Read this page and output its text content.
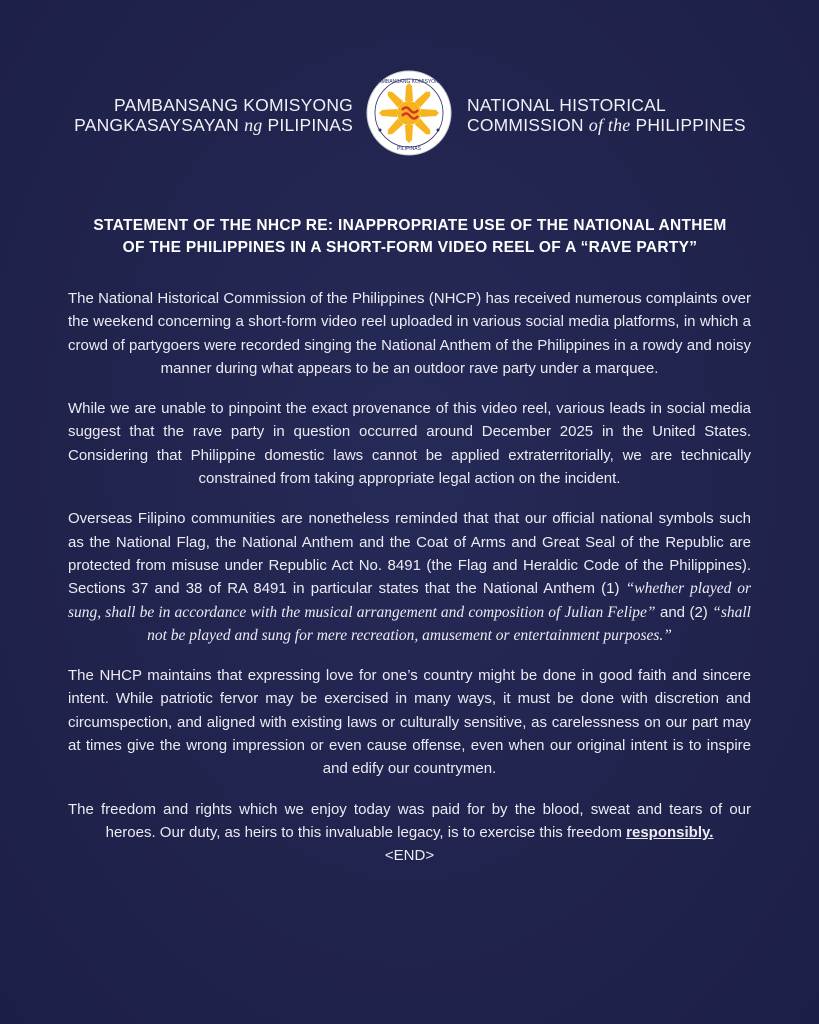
PAMBANSANG KOMISYONG
PANGKASAYSAYAN ng PILIPINAS
PAMBANSANG KOMISYONG
PILIPINAS
NATIONAL HISTORICAL
COMMISSION of the PHILIPPINES
STATEMENT OF THE NHCP RE: INAPPROPRIATE USE OF THE NATIONAL ANTHEM
OF THE PHILIPPINES IN A SHORT-FORM VIDEO REEL OF A “RAVE PARTY”

The National Historical Commission of the Philippines (NHCP) has received numerous complaints over the weekend concerning a short-form video reel uploaded in various social media platforms, in which a crowd of partygoers were recorded singing the National Anthem of the Philippines in a rowdy and noisy manner during what appears to be an outdoor rave party under a marquee.

While we are unable to pinpoint the exact provenance of this video reel, various leads in social media suggest that the rave party in question occurred around December 2025 in the United States. Considering that Philippine domestic laws cannot be applied extraterritorially, we are technically constrained from taking appropriate legal action on the incident.

Overseas Filipino communities are nonetheless reminded that that our official national symbols such as the National Flag, the National Anthem and the Coat of Arms and Great Seal of the Republic are protected from misuse under Republic Act No. 8491 (the Flag and Heraldic Code of the Philippines). Sections 37 and 38 of RA 8491 in particular states that the National Anthem (1) “whether played or sung, shall be in accordance with the musical arrangement and composition of Julian Felipe” and (2) “shall not be played and sung for mere recreation, amusement or entertainment purposes.”

The NHCP maintains that expressing love for one’s country might be done in good faith and sincere intent. While patriotic fervor may be exercised in many ways, it must be done with discretion and circumspection, and aligned with existing laws or culturally sensitive, as carelessness on our part may at times give the wrong impression or even cause offense, even when our original intent is to inspire and edify our countrymen.

The freedom and rights which we enjoy today was paid for by the blood, sweat and tears of our heroes. Our duty, as heirs to this invaluable legacy, is to exercise this freedom responsibly.
<END>
